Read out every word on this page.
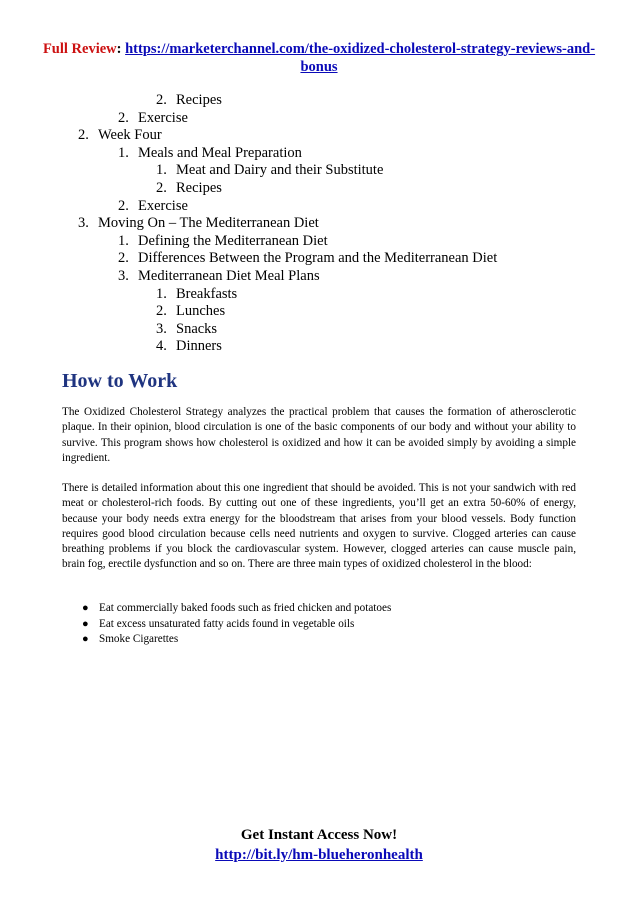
Full Review: https://marketerchannel.com/the-oxidized-cholesterol-strategy-reviews-and-bonus
2. Recipes
2. Exercise
2. Week Four
1. Meals and Meal Preparation
1. Meat and Dairy and their Substitute
2. Recipes
2. Exercise
3. Moving On – The Mediterranean Diet
1. Defining the Mediterranean Diet
2. Differences Between the Program and the Mediterranean Diet
3. Mediterranean Diet Meal Plans
1. Breakfasts
2. Lunches
3. Snacks
4. Dinners
How to Work
The Oxidized Cholesterol Strategy analyzes the practical problem that causes the formation of atherosclerotic plaque. In their opinion, blood circulation is one of the basic components of our body and without your ability to survive. This program shows how cholesterol is oxidized and how it can be avoided simply by avoiding a simple ingredient.
There is detailed information about this one ingredient that should be avoided. This is not your sandwich with red meat or cholesterol-rich foods. By cutting out one of these ingredients, you’ll get an extra 50-60% of energy, because your body needs extra energy for the bloodstream that arises from your blood vessels. Body function requires good blood circulation because cells need nutrients and oxygen to survive. Clogged arteries can cause breathing problems if you block the cardiovascular system. However, clogged arteries can cause muscle pain, brain fog, erectile dysfunction and so on. There are three main types of oxidized cholesterol in the blood:
● Eat commercially baked foods such as fried chicken and potatoes
● Eat excess unsaturated fatty acids found in vegetable oils
● Smoke Cigarettes
Get Instant Access Now!
http://bit.ly/hm-blueheronhealth
